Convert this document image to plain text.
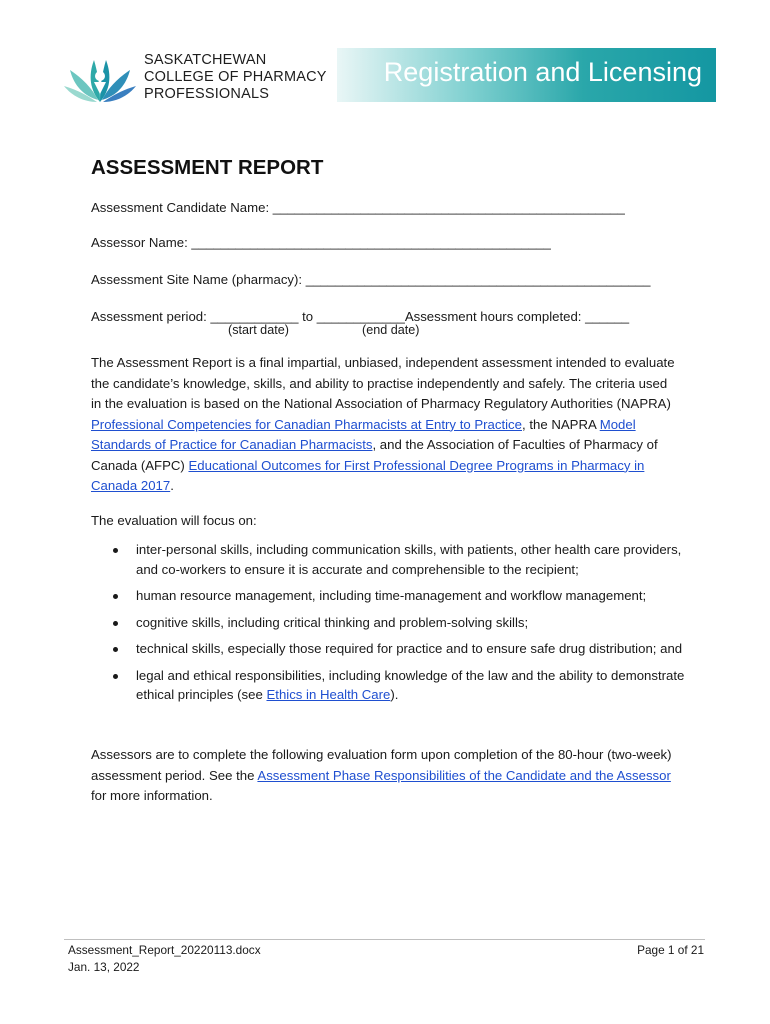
SASKATCHEWAN
COLLEGE OF PHARMACY
PROFESSIONALS
Registration and Licensing
ASSESSMENT REPORT
Assessment Candidate Name: ________________________________________________
Assessor Name: _________________________________________________
Assessment Site Name (pharmacy): _______________________________________________
Assessment period: ____________ to ____________Assessment hours completed: ______
(start date)	(end date)
The Assessment Report is a final impartial, unbiased, independent assessment intended to evaluate the candidate’s knowledge, skills, and ability to practise independently and safely. The criteria used in the evaluation is based on the National Association of Pharmacy Regulatory Authorities (NAPRA) Professional Competencies for Canadian Pharmacists at Entry to Practice, the NAPRA Model Standards of Practice for Canadian Pharmacists, and the Association of Faculties of Pharmacy of Canada (AFPC) Educational Outcomes for First Professional Degree Programs in Pharmacy in Canada 2017.
The evaluation will focus on:
inter-personal skills, including communication skills, with patients, other health care providers, and co-workers to ensure it is accurate and comprehensible to the recipient;
human resource management, including time-management and workflow management;
cognitive skills, including critical thinking and problem-solving skills;
technical skills, especially those required for practice and to ensure safe drug distribution; and
legal and ethical responsibilities, including knowledge of the law and the ability to demonstrate ethical principles (see Ethics in Health Care).
Assessors are to complete the following evaluation form upon completion of the 80-hour (two-week) assessment period. See the Assessment Phase Responsibilities of the Candidate and the Assessor for more information.
Assessment_Report_20220113.docx
Jan. 13, 2022
Page 1 of 21
